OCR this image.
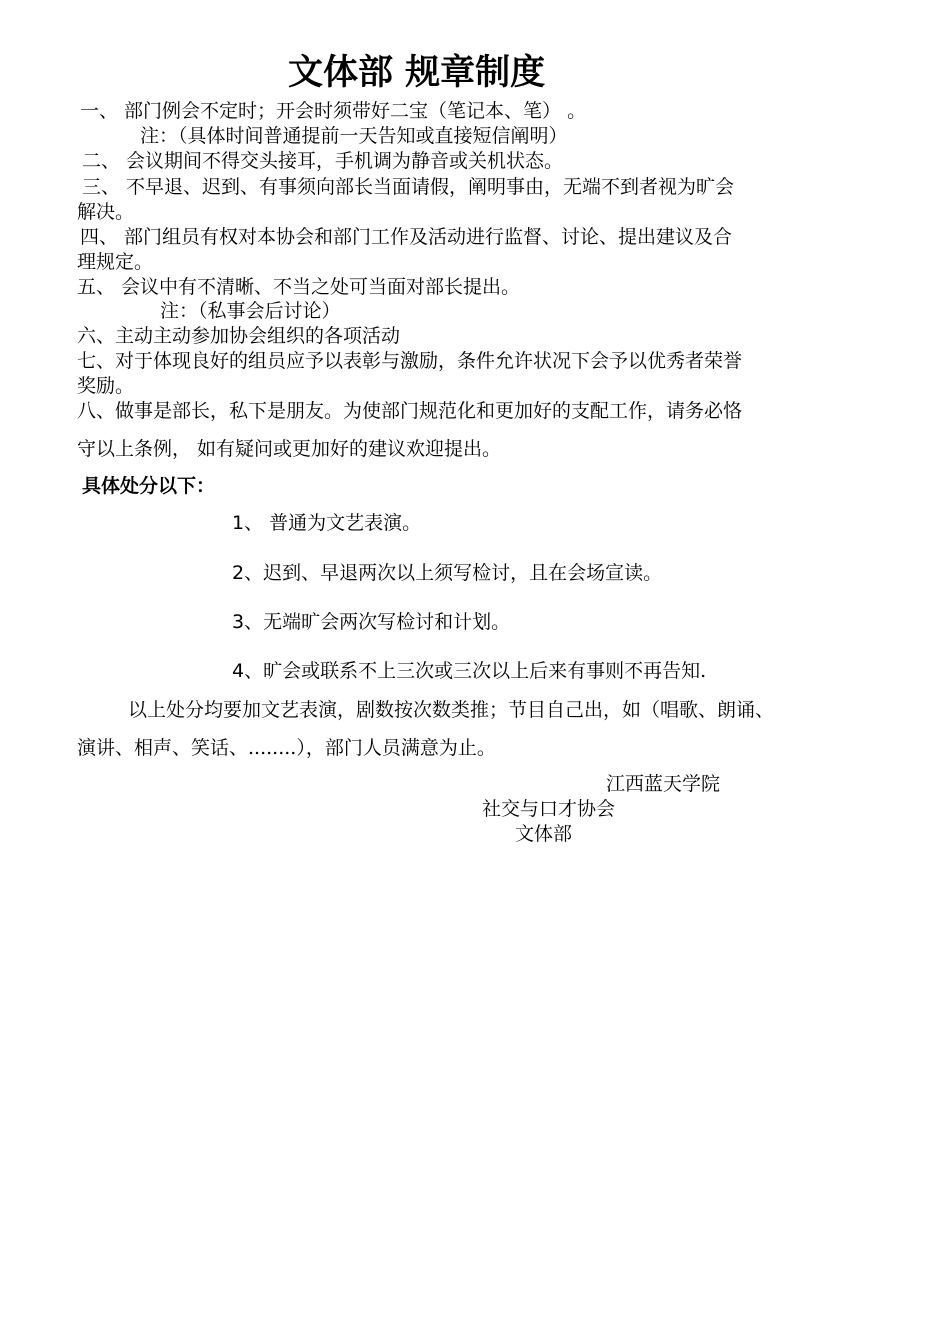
文体部 规章制度
一、 部门例会不定时；开会时须带好二宝（笔记本、笔） 。
注：（具体时间普通提前一天告知或直接短信阐明）
二、 会议期间不得交头接耳，手机调为静音或关机状态。
三、 不早退、迟到、有事须向部长当面请假，阐明事由，无端不到者视为旷会
解决。
四、 部门组员有权对本协会和部门工作及活动进行监督、讨论、提出建议及合
理规定。
五、 会议中有不清晰、不当之处可当面对部长提出。
注：（私事会后讨论）
六、主动主动参加协会组织的各项活动
七、对于体现良好的组员应予以表彰与激励，条件允许状况下会予以优秀者荣誉
奖励。
八、做事是部长，私下是朋友。为使部门规范化和更加好的支配工作，请务必恪
守以上条例， 如有疑问或更加好的建议欢迎提出。
具体处分以下：
1、 普通为文艺表演。
2、迟到、早退两次以上须写检讨，且在会场宣读。
3、无端旷会两次写检讨和计划。
4、旷会或联系不上三次或三次以上后来有事则不再告知.
以上处分均要加文艺表演，剧数按次数类推；节目自己出，如（唱歌、朗诵、
演讲、相声、笑话、........），部门人员满意为止。
江西蓝天学院
社交与口才协会
文体部
